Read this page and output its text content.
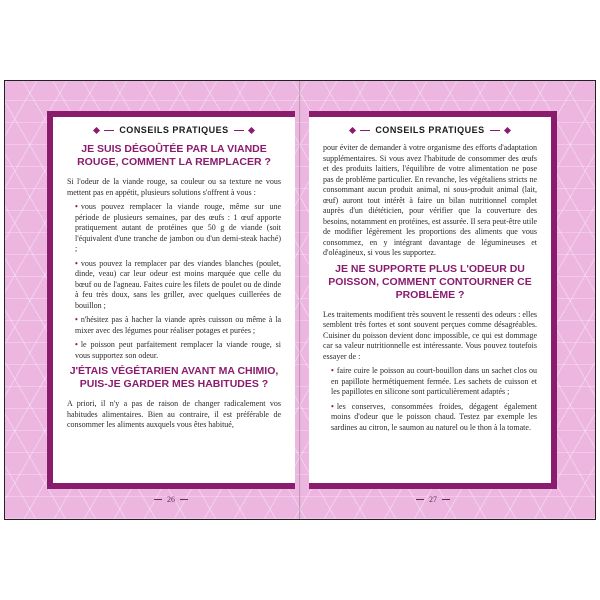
CONSEILS PRATIQUES
JE SUIS DÉGOÛTÉE PAR LA VIANDE ROUGE, COMMENT LA REMPLACER ?

Si l'odeur de la viande rouge, sa couleur ou sa texture ne vous mettent pas en appétit, plusieurs solutions s'offrent à vous :

• vous pouvez remplacer la viande rouge, même sur une période de plusieurs semaines, par des œufs : 1 œuf apporte pratiquement autant de protéines que 50 g de viande (soit l'équivalent d'une tranche de jambon ou d'un demi-steak haché) ;

• vous pouvez la remplacer par des viandes blanches (poulet, dinde, veau) car leur odeur est moins marquée que celle du bœuf ou de l'agneau. Faites cuire les filets de poulet ou de dinde à feu très doux, sans les griller, avec quelques cuillerées de bouillon ;

• n'hésitez pas à hacher la viande après cuisson ou même à la mixer avec des légumes pour réaliser potages et purées ;

• le poisson peut parfaitement remplacer la viande rouge, si vous supportez son odeur.

J'ÉTAIS VÉGÉTARIEN AVANT MA CHIMIO, PUIS-JE GARDER MES HABITUDES ?

A priori, il n'y a pas de raison de changer radicalement vos habitudes alimentaires. Bien au contraire, il est préférable de consommer les aliments auxquels vous êtes habitué,

26
CONSEILS PRATIQUES

pour éviter de demander à votre organisme des efforts d'adaptation supplémentaires. Si vous avez l'habitude de consommer des œufs et des produits laitiers, l'équilibre de votre alimentation ne pose pas de problème particulier. En revanche, les végétaliens stricts ne consommant aucun produit animal, ni sous-produit animal (lait, œuf) auront tout intérêt à faire un bilan nutritionnel complet auprès d'un diététicien, pour vérifier que la couverture des besoins, notamment en protéines, est assurée. Il sera peut-être utile de modifier légèrement les proportions des aliments que vous consommez, en y intégrant davantage de légumineuses et d'oléagineux, si vous les supportez.

JE NE SUPPORTE PLUS L'ODEUR DU POISSON, COMMENT CONTOURNER CE PROBLÈME ?

Les traitements modifient très souvent le ressenti des odeurs : elles semblent très fortes et sont souvent perçues comme désagréables. Cuisiner du poisson devient donc impossible, ce qui est dommage car sa valeur nutritionnelle est intéressante. Vous pouvez toutefois essayer de :

• faire cuire le poisson au court-bouillon dans un sachet clos ou en papillote hermétiquement fermée. Les sachets de cuisson et les papillotes en silicone sont particulièrement adaptés ;

• les conserves, consommées froides, dégagent également moins d'odeur que le poisson chaud. Testez par exemple les sardines au citron, le saumon au naturel ou le thon à la tomate.

27
